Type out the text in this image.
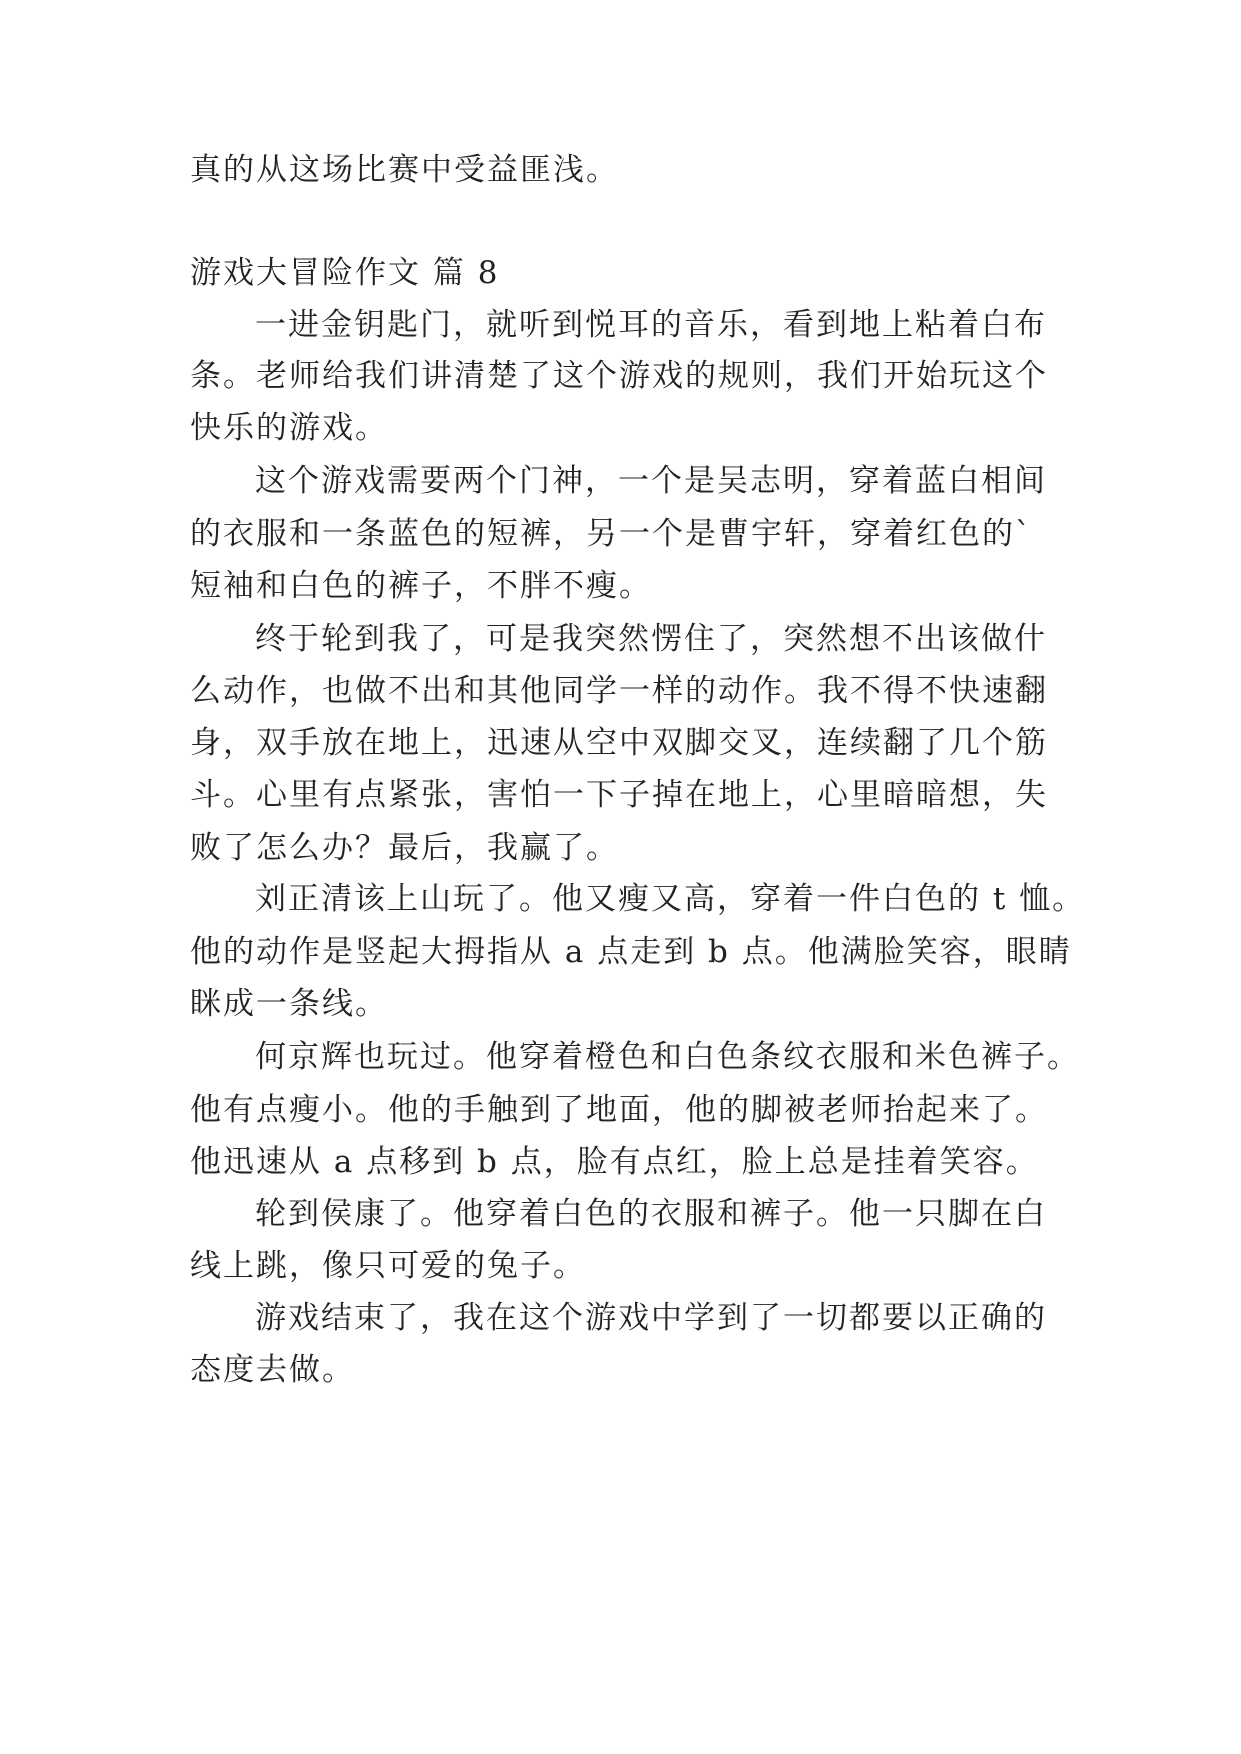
真的从这场比赛中受益匪浅。
游戏大冒险作文 篇 8
一进金钥匙门，就听到悦耳的音乐，看到地上粘着白布
条。老师给我们讲清楚了这个游戏的规则，我们开始玩这个
快乐的游戏。
这个游戏需要两个门神，一个是吴志明，穿着蓝白相间
的衣服和一条蓝色的短裤，另一个是曹宇轩，穿着红色的`
短袖和白色的裤子，不胖不瘦。
终于轮到我了，可是我突然愣住了，突然想不出该做什
么动作，也做不出和其他同学一样的动作。我不得不快速翻
身，双手放在地上，迅速从空中双脚交叉，连续翻了几个筋
斗。心里有点紧张，害怕一下子掉在地上，心里暗暗想，失
败了怎么办？最后，我赢了。
刘正清该上山玩了。他又瘦又高，穿着一件白色的 t 恤。
他的动作是竖起大拇指从 a 点走到 b 点。他满脸笑容，眼睛
眯成一条线。
何京辉也玩过。他穿着橙色和白色条纹衣服和米色裤子。
他有点瘦小。他的手触到了地面，他的脚被老师抬起来了。
他迅速从 a 点移到 b 点，脸有点红，脸上总是挂着笑容。
轮到侯康了。他穿着白色的衣服和裤子。他一只脚在白
线上跳，像只可爱的兔子。
游戏结束了，我在这个游戏中学到了一切都要以正确的
态度去做。
